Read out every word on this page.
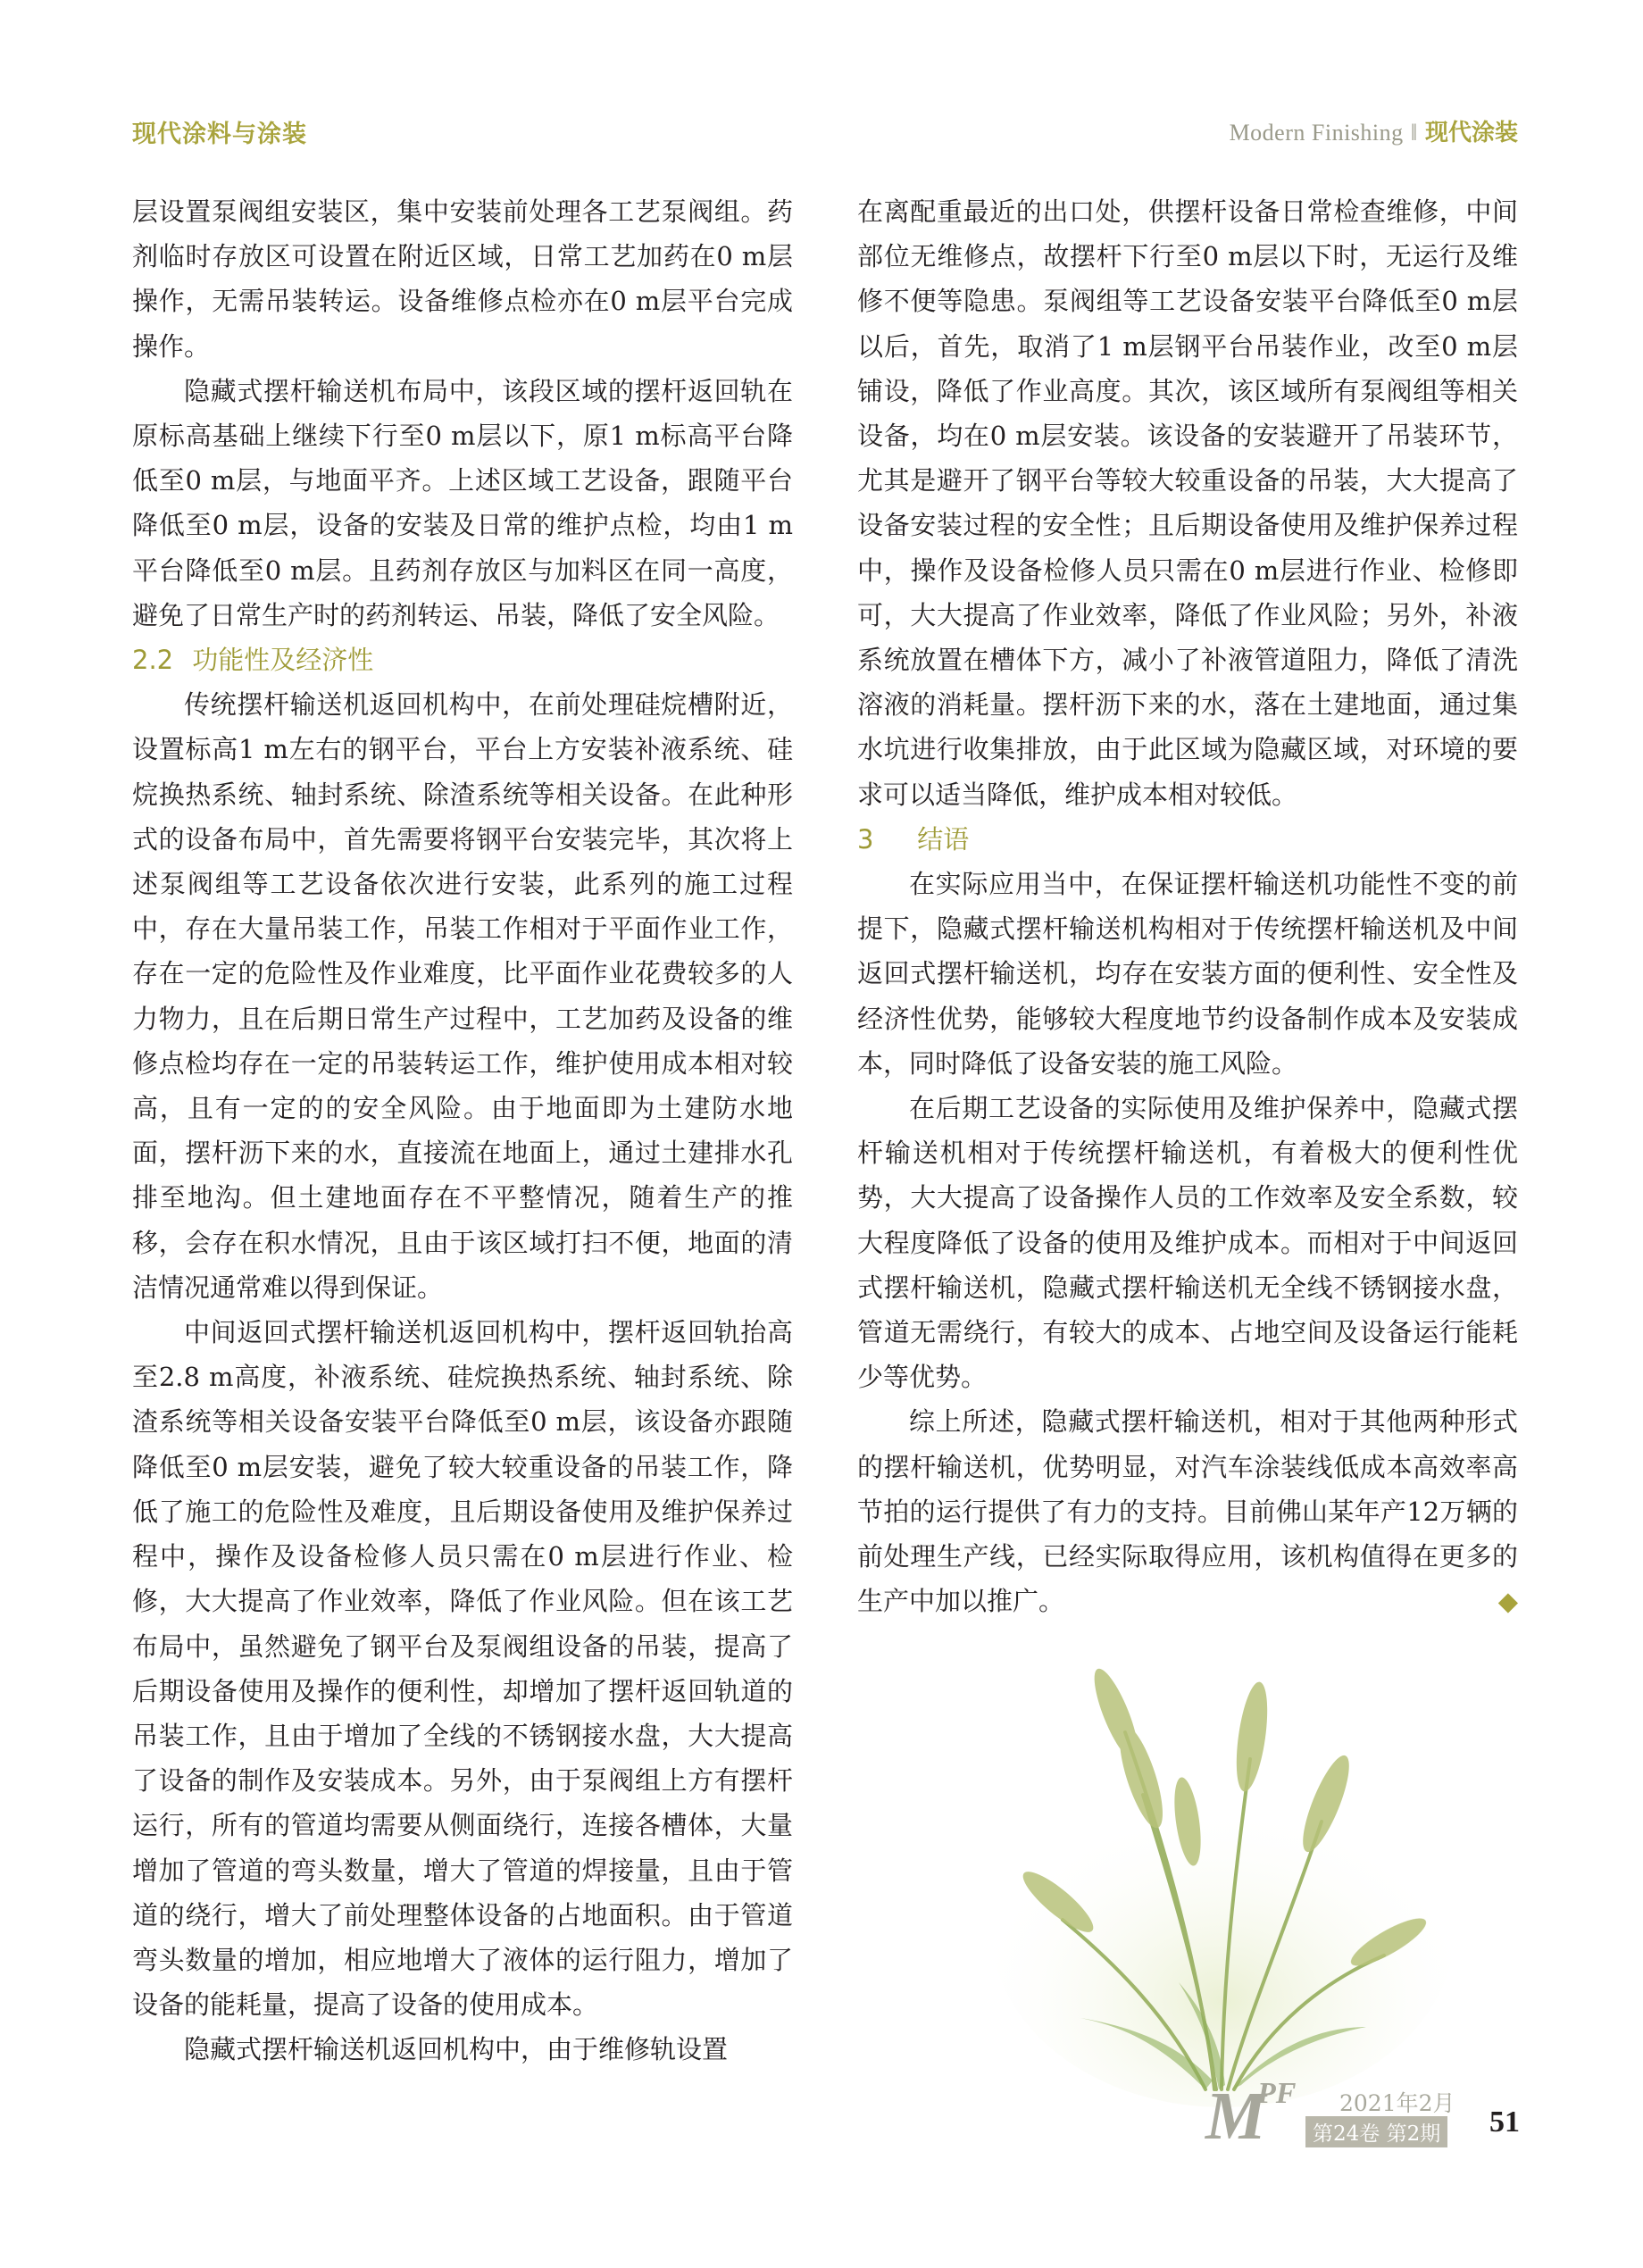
现代涂料与涂装	Modern Finishing ‖ 现代涂装

层设置泵阀组安装区，集中安装前处理各工艺泵阀组。药剂临时存放区可设置在附近区域，日常工艺加药在0 m层操作，无需吊装转运。设备维修点检亦在0 m层平台完成操作。

隐藏式摆杆输送机布局中，该段区域的摆杆返回轨在原标高基础上继续下行至0 m层以下，原1 m标高平台降低至0 m层，与地面平齐。上述区域工艺设备，跟随平台降低至0 m层，设备的安装及日常的维护点检，均由1 m平台降低至0 m层。且药剂存放区与加料区在同一高度，避免了日常生产时的药剂转运、吊装，降低了安全风险。

2.2 功能性及经济性

传统摆杆输送机返回机构中，在前处理硅烷槽附近，设置标高1 m左右的钢平台，平台上方安装补液系统、硅烷换热系统、轴封系统、除渣系统等相关设备。在此种形式的设备布局中，首先需要将钢平台安装完毕，其次将上述泵阀组等工艺设备依次进行安装，此系列的施工过程中，存在大量吊装工作，吊装工作相对于平面作业工作，存在一定的危险性及作业难度，比平面作业花费较多的人力物力，且在后期日常生产过程中，工艺加药及设备的维修点检均存在一定的吊装转运工作，维护使用成本相对较高，且有一定的的安全风险。由于地面即为土建防水地面，摆杆沥下来的水，直接流在地面上，通过土建排水孔排至地沟。但土建地面存在不平整情况，随着生产的推移，会存在积水情况，且由于该区域打扫不便，地面的清洁情况通常难以得到保证。

中间返回式摆杆输送机返回机构中，摆杆返回轨抬高至2.8 m高度，补液系统、硅烷换热系统、轴封系统、除渣系统等相关设备安装平台降低至0 m层，该设备亦跟随降低至0 m层安装，避免了较大较重设备的吊装工作，降低了施工的危险性及难度，且后期设备使用及维护保养过程中，操作及设备检修人员只需在0 m层进行作业、检修，大大提高了作业效率，降低了作业风险。但在该工艺布局中，虽然避免了钢平台及泵阀组设备的吊装，提高了后期设备使用及操作的便利性，却增加了摆杆返回轨道的吊装工作，且由于增加了全线的不锈钢接水盘，大大提高了设备的制作及安装成本。另外，由于泵阀组上方有摆杆运行，所有的管道均需要从侧面绕行，连接各槽体，大量增加了管道的弯头数量，增大了管道的焊接量，且由于管道的绕行，增大了前处理整体设备的占地面积。由于管道弯头数量的增加，相应地增大了液体的运行阻力，增加了设备的能耗量，提高了设备的使用成本。

隐藏式摆杆输送机返回机构中，由于维修轨设置

在离配重最近的出口处，供摆杆设备日常检查维修，中间部位无维修点，故摆杆下行至0 m层以下时，无运行及维修不便等隐患。泵阀组等工艺设备安装平台降低至0 m层以后，首先，取消了1 m层钢平台吊装作业，改至0 m层铺设，降低了作业高度。其次，该区域所有泵阀组等相关设备，均在0 m层安装。该设备的安装避开了吊装环节，尤其是避开了钢平台等较大较重设备的吊装，大大提高了设备安装过程的安全性；且后期设备使用及维护保养过程中，操作及设备检修人员只需在0 m层进行作业、检修即可，大大提高了作业效率，降低了作业风险；另外，补液系统放置在槽体下方，减小了补液管道阻力，降低了清洗溶液的消耗量。摆杆沥下来的水，落在土建地面，通过集水坑进行收集排放，由于此区域为隐藏区域，对环境的要求可以适当降低，维护成本相对较低。

3 结语

在实际应用当中，在保证摆杆输送机功能性不变的前提下，隐藏式摆杆输送机构相对于传统摆杆输送机及中间返回式摆杆输送机，均存在安装方面的便利性、安全性及经济性优势，能够较大程度地节约设备制作成本及安装成本，同时降低了设备安装的施工风险。

在后期工艺设备的实际使用及维护保养中，隐藏式摆杆输送机相对于传统摆杆输送机，有着极大的便利性优势，大大提高了设备操作人员的工作效率及安全系数，较大程度降低了设备的使用及维护成本。而相对于中间返回式摆杆输送机，隐藏式摆杆输送机无全线不锈钢接水盘，管道无需绕行，有较大的成本、占地空间及设备运行能耗少等优势。

综上所述，隐藏式摆杆输送机，相对于其他两种形式的摆杆输送机，优势明显，对汽车涂装线低成本高效率高节拍的运行提供了有力的支持。目前佛山某年产12万辆的前处理生产线，已经实际取得应用，该机构值得在更多的生产中加以推广。	◆

M
PF 2021年2月
第24卷 第2期 51
